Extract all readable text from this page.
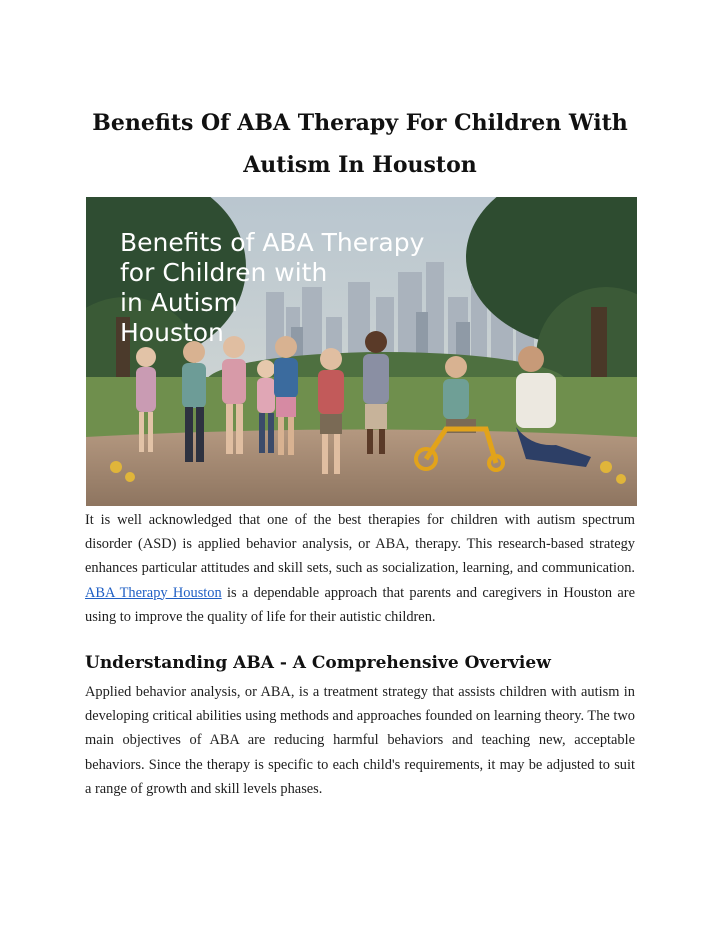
Benefits Of ABA Therapy For Children With
Autism In Houston
Benefits of ABA Therapy
for Children with
in Autism
Houston

It is well acknowledged that one of the best therapies for children with autism spectrum disorder (ASD) is applied behavior analysis, or ABA, therapy. This research-based strategy enhances particular attitudes and skill sets, such as socialization, learning, and communication. ABA Therapy Houston is a dependable approach that parents and caregivers in Houston are using to improve the quality of life for their autistic children.

Understanding ABA - A Comprehensive Overview

Applied behavior analysis, or ABA, is a treatment strategy that assists children with autism in developing critical abilities using methods and approaches founded on learning theory. The two main objectives of ABA are reducing harmful behaviors and teaching new, acceptable behaviors. Since the therapy is specific to each child's requirements, it may be adjusted to suit a range of growth and skill levels phases.
